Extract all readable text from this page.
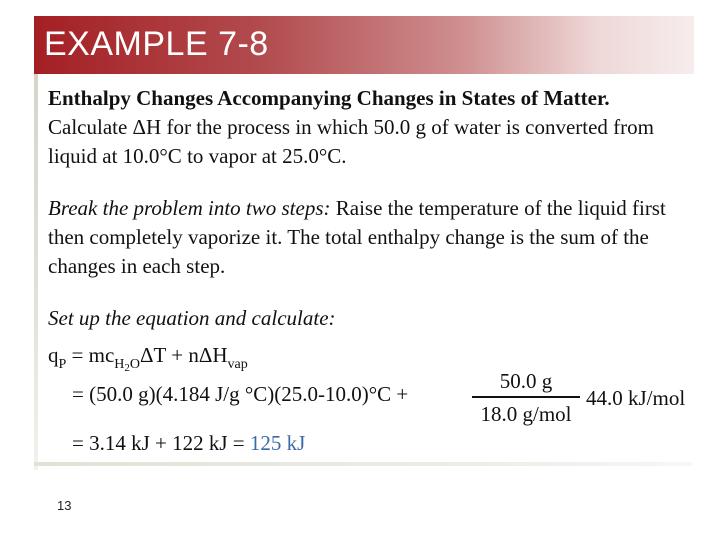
EXAMPLE 7-8
Enthalpy Changes Accompanying Changes in States of Matter. Calculate ΔH for the process in which 50.0 g of water is converted from liquid at 10.0°C to vapor at 25.0°C.
Break the problem into two steps: Raise the temperature of the liquid first then completely vaporize it. The total enthalpy change is the sum of the changes in each step.
Set up the equation and calculate:
$q_P = mc_{H2O}\Delta T + n\Delta H_{vap}$
= (50.0 g)(4.184 J/g °C)(25.0-10.0)°C +
50.0 g
18.0 g/mol
44.0 kJ/mol
= 3.14 kJ + 122 kJ = 125 kJ
13
